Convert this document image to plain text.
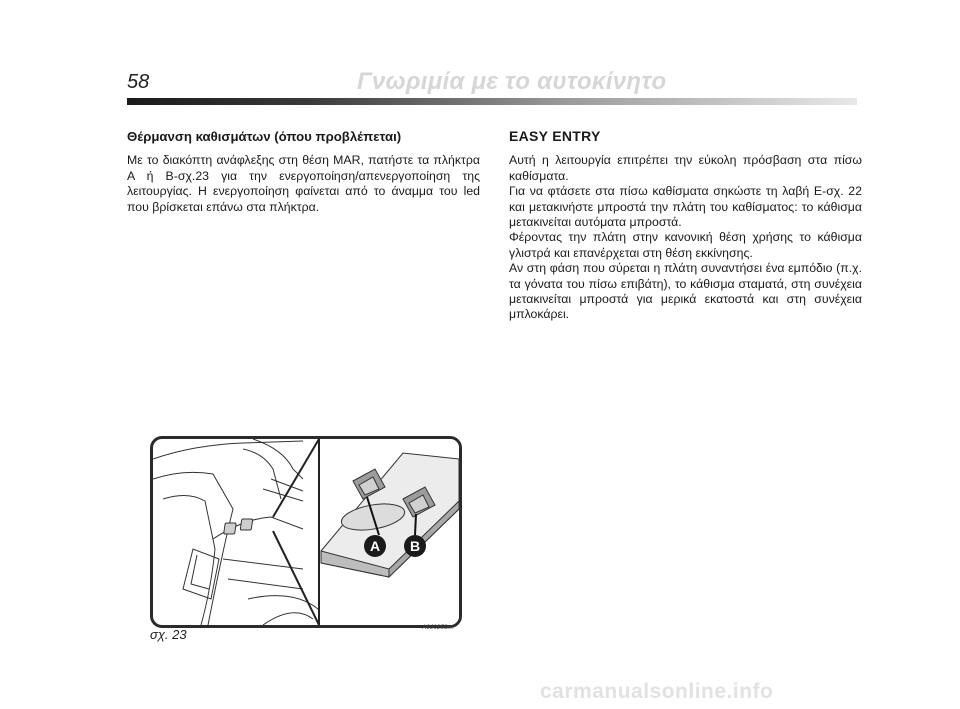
58	Γνωριμία με το αυτοκίνητο

Θέρμανση καθισμάτων (όπου προβλέπεται)

Με το διακόπτη ανάφλεξης στη θέση MAR, πατήστε τα πλήκτρα A ή B-σχ.23 για την ενεργοποίηση/απενεργοποίηση της λειτουργίας. Η ενεργοποίηση φαίνεται από το άναμμα του led που βρίσκεται επάνω στα πλήκτρα.

EASY ENTRY

Αυτή η λειτουργία επιτρέπει την εύκολη πρόσβαση στα πίσω καθίσματα.

Για να φτάσετε στα πίσω καθίσματα σηκώστε τη λαβή E-σχ. 22 και μετακινήστε μπροστά την πλάτη του καθίσματος: το κάθισμα μετακινείται αυτόματα μπροστά.

Φέροντας την πλάτη στην κανονική θέση χρήσης το κάθισμα γλιστρά και επανέρχεται στη θέση εκκίνησης.

Αν στη φάση που σύρεται η πλάτη συναντήσει ένα εμπόδιο (π.χ. τα γόνατα του πίσω επιβάτη), το κάθισμα σταματά, στη συνέχεια μετακινείται μπροστά για μερικά εκατοστά και στη συνέχεια μπλοκάρει.

A B
σχ. 23	A0J0253m
carmanualsonline.info
